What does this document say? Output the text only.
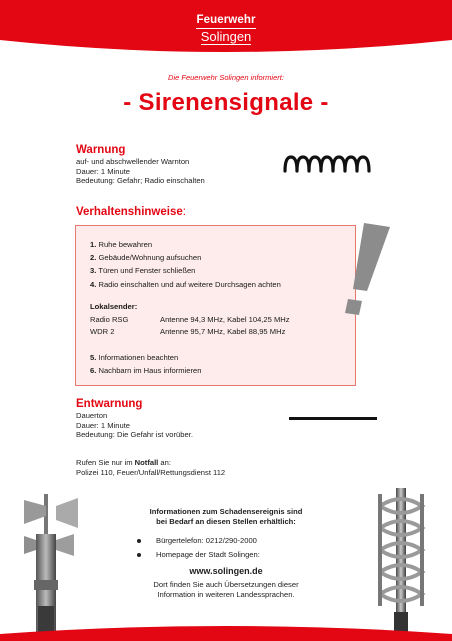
Feuerwehr
Solingen
Die Feuerwehr Solingen informiert:
- Sirenensignale -
Warnung
auf- und abschwellender Warnton
Dauer: 1 Minute
Bedeutung: Gefahr; Radio einschalten
Verhaltenshinweise:
1. Ruhe bewahren
2. Gebäude/Wohnung aufsuchen
3. Türen und Fenster schließen
4. Radio einschalten und auf weitere Durchsagen achten
Lokalsender:
Radio RSG	Antenne 94,3 MHz, Kabel 104,25 MHz
WDR 2	Antenne 95,7 MHz, Kabel 88,95 MHz
5. Informationen beachten
6. Nachbarn im Haus informieren
Entwarnung
Dauerton
Dauer: 1 Minute
Bedeutung: Die Gefahr ist vorüber.
Rufen Sie nur im Notfall an:
Polizei 110, Feuer/Unfall/Rettungsdienst 112
Informationen zum Schadensereignis sind
bei Bedarf an diesen Stellen erhältlich:
Bürgertelefon: 0212/290-2000
Homepage der Stadt Solingen:
www.solingen.de
Dort finden Sie auch Übersetzungen dieser
Information in weiteren Landessprachen.
